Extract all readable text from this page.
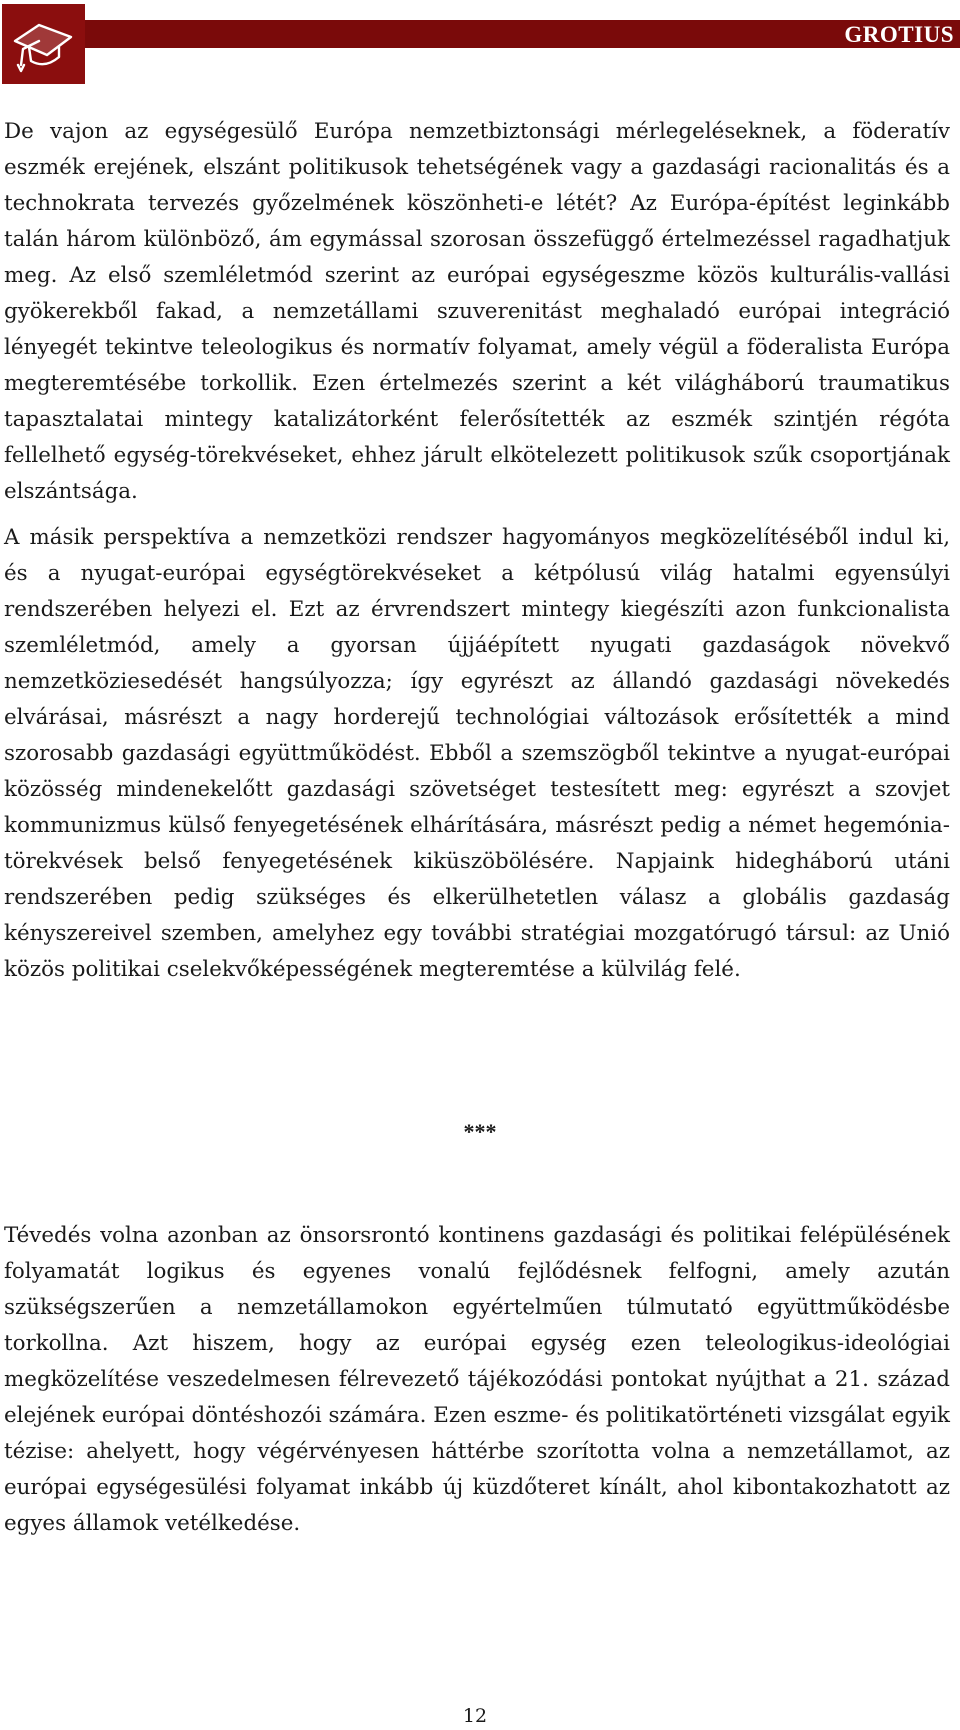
GROTIUS

De vajon az egységesülő Európa nemzetbiztonsági mérlegeléseknek, a föderatív eszmék erejének, elszánt politikusok tehetségének vagy a gazdasági racionalitás és a technokrata tervezés győzelmének köszönheti-e létét? Az Európa-építést leginkább talán három különböző, ám egymással szorosan összefüggő értelmezéssel ragadhatjuk meg. Az első szemléletmód szerint az európai egységeszme közös kulturális-vallási gyökerekből fakad, a nemzetállami szuverenitást meghaladó európai integráció lényegét tekintve teleologikus és normatív folyamat, amely végül a föderalista Európa megteremtésébe torkollik. Ezen értelmezés szerint a két világháború traumatikus tapasztalatai mintegy katalizátorként felerősítették az eszmék szintjén régóta fellelhető egység-törekvéseket, ehhez járult elkötelezett politikusok szűk csoportjának elszántsága.

A másik perspektíva a nemzetközi rendszer hagyományos megközelítéséből indul ki, és a nyugat-európai egységtörekvéseket a kétpólusú világ hatalmi egyensúlyi rendszerében helyezi el. Ezt az érvrendszert mintegy kiegészíti azon funkcionalista szemléletmód, amely a gyorsan újjáépített nyugati gazdaságok növekvő nemzetköziesedését hangsúlyozza; így egyrészt az állandó gazdasági növekedés elvárásai, másrészt a nagy horderejű technológiai változások erősítették a mind szorosabb gazdasági együttműködést. Ebből a szemszögből tekintve a nyugat-európai közösség mindenekelőtt gazdasági szövetséget testesített meg: egyrészt a szovjet kommunizmus külső fenyegetésének elhárítására, másrészt pedig a német hegemónia-törekvések belső fenyegetésének kiküszöbölésére. Napjaink hidegháború utáni rendszerében pedig szükséges és elkerülhetetlen válasz a globális gazdaság kényszereivel szemben, amelyhez egy további stratégiai mozgatórugó társul: az Unió közös politikai cselekvőképességének megteremtése a külvilág felé.

***

Tévedés volna azonban az önsorsrontó kontinens gazdasági és politikai felépülésének folyamatát logikus és egyenes vonalú fejlődésnek felfogni, amely azután szükségszerűen a nemzetállamokon egyértelműen túlmutató együttműködésbe torkollna. Azt hiszem, hogy az európai egység ezen teleologikus-ideológiai megközelítése veszedelmesen félrevezető tájékozódási pontokat nyújthat a 21. század elejének európai döntéshozói számára. Ezen eszme- és politikatörténeti vizsgálat egyik tézise: ahelyett, hogy végérvényesen háttérbe szorította volna a nemzetállamot, az európai egységesülési folyamat inkább új küzdőteret kínált, ahol kibontakozhatott az egyes államok vetélkedése.

12
